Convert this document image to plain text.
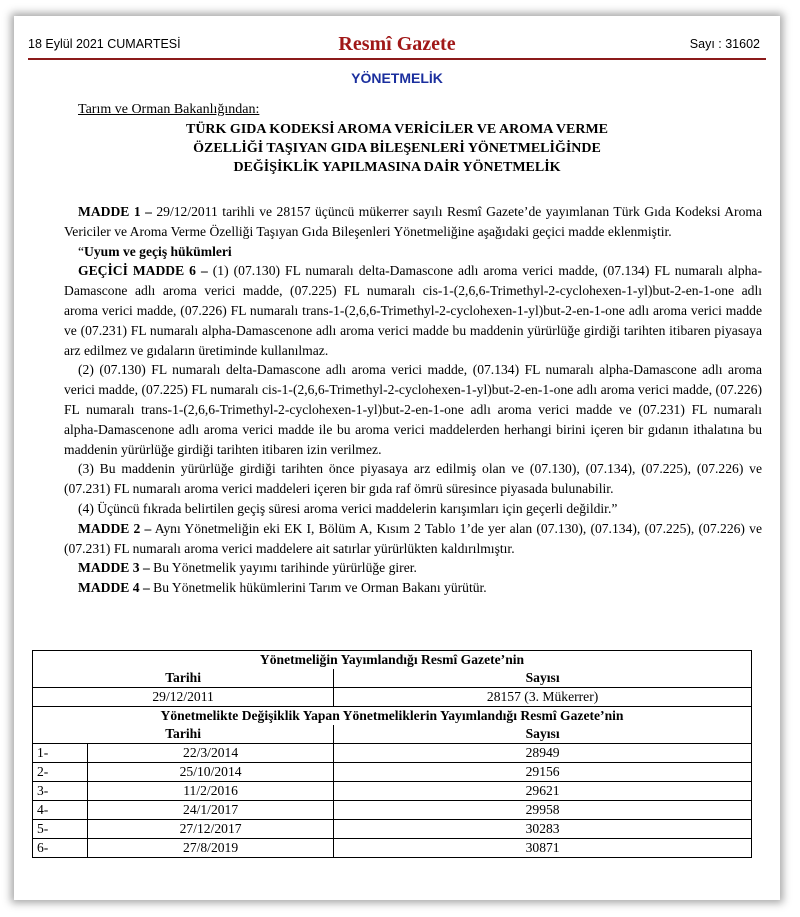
18 Eylül 2021 CUMARTESİ	Resmî Gazete	Sayı : 31602
YÖNETMELİK
Tarım ve Orman Bakanlığından:
TÜRK GIDA KODEKSİ AROMA VERİCİLER VE AROMA VERME
ÖZELLİĞİ TAŞIYAN GIDA BİLEŞENLERİ YÖNETMELİĞİNDE
DEĞİŞİKLİK YAPILMASINA DAİR YÖNETMELİK

MADDE 1 – 29/12/2011 tarihli ve 28157 üçüncü mükerrer sayılı Resmî Gazete’de yayımlanan Türk Gıda Kodeksi Aroma Vericiler ve Aroma Verme Özelliği Taşıyan Gıda Bileşenleri Yönetmeliğine aşağıdaki geçici madde eklenmiştir.

“Uyum ve geçiş hükümleri

GEÇİCİ MADDE 6 – (1) (07.130) FL numaralı delta-Damascone adlı aroma verici madde, (07.134) FL numaralı alpha-Damascone adlı aroma verici madde, (07.225) FL numaralı cis-1-(2,6,6-Trimethyl-2-cyclohexen-1-yl)but-2-en-1-one adlı aroma verici madde, (07.226) FL numaralı trans-1-(2,6,6-Trimethyl-2-cyclohexen-1-yl)but-2-en-1-one adlı aroma verici madde ve (07.231) FL numaralı alpha-Damascenone adlı aroma verici madde bu maddenin yürürlüğe girdiği tarihten itibaren piyasaya arz edilmez ve gıdaların üretiminde kullanılmaz.

(2) (07.130) FL numaralı delta-Damascone adlı aroma verici madde, (07.134) FL numaralı alpha-Damascone adlı aroma verici madde, (07.225) FL numaralı cis-1-(2,6,6-Trimethyl-2-cyclohexen-1-yl)but-2-en-1-one adlı aroma verici madde, (07.226) FL numaralı trans-1-(2,6,6-Trimethyl-2-cyclohexen-1-yl)but-2-en-1-one adlı aroma verici madde ve (07.231) FL numaralı alpha-Damascenone adlı aroma verici madde ile bu aroma verici maddelerden herhangi birini içeren bir gıdanın ithalatına bu maddenin yürürlüğe girdiği tarihten itibaren izin verilmez.

(3) Bu maddenin yürürlüğe girdiği tarihten önce piyasaya arz edilmiş olan ve (07.130), (07.134), (07.225), (07.226) ve (07.231) FL numaralı aroma verici maddeleri içeren bir gıda raf ömrü süresince piyasada bulunabilir.

(4) Üçüncü fıkrada belirtilen geçiş süresi aroma verici maddelerin karışımları için geçerli değildir.”

MADDE 2 – Aynı Yönetmeliğin eki EK I, Bölüm A, Kısım 2 Tablo 1’de yer alan (07.130), (07.134), (07.225), (07.226) ve (07.231) FL numaralı aroma verici maddelere ait satırlar yürürlükten kaldırılmıştır.

MADDE 3 – Bu Yönetmelik yayımı tarihinde yürürlüğe girer.

MADDE 4 – Bu Yönetmelik hükümlerini Tarım ve Orman Bakanı yürütür.

Yönetmeliğin Yayımlandığı Resmî Gazete’nin		
Tarihi		Sayısı
29/12/2011		28157 (3. Mükerrer)
Yönetmelikte Değişiklik Yapan Yönetmeliklerin Yayımlandığı Resmî Gazete’nin		
Tarihi		Sayısı
1-	22/3/2014	28949
2-	25/10/2014	29156
3-	11/2/2016	29621
4-	24/1/2017	29958
5-	27/12/2017	30283
6-	27/8/2019	30871
